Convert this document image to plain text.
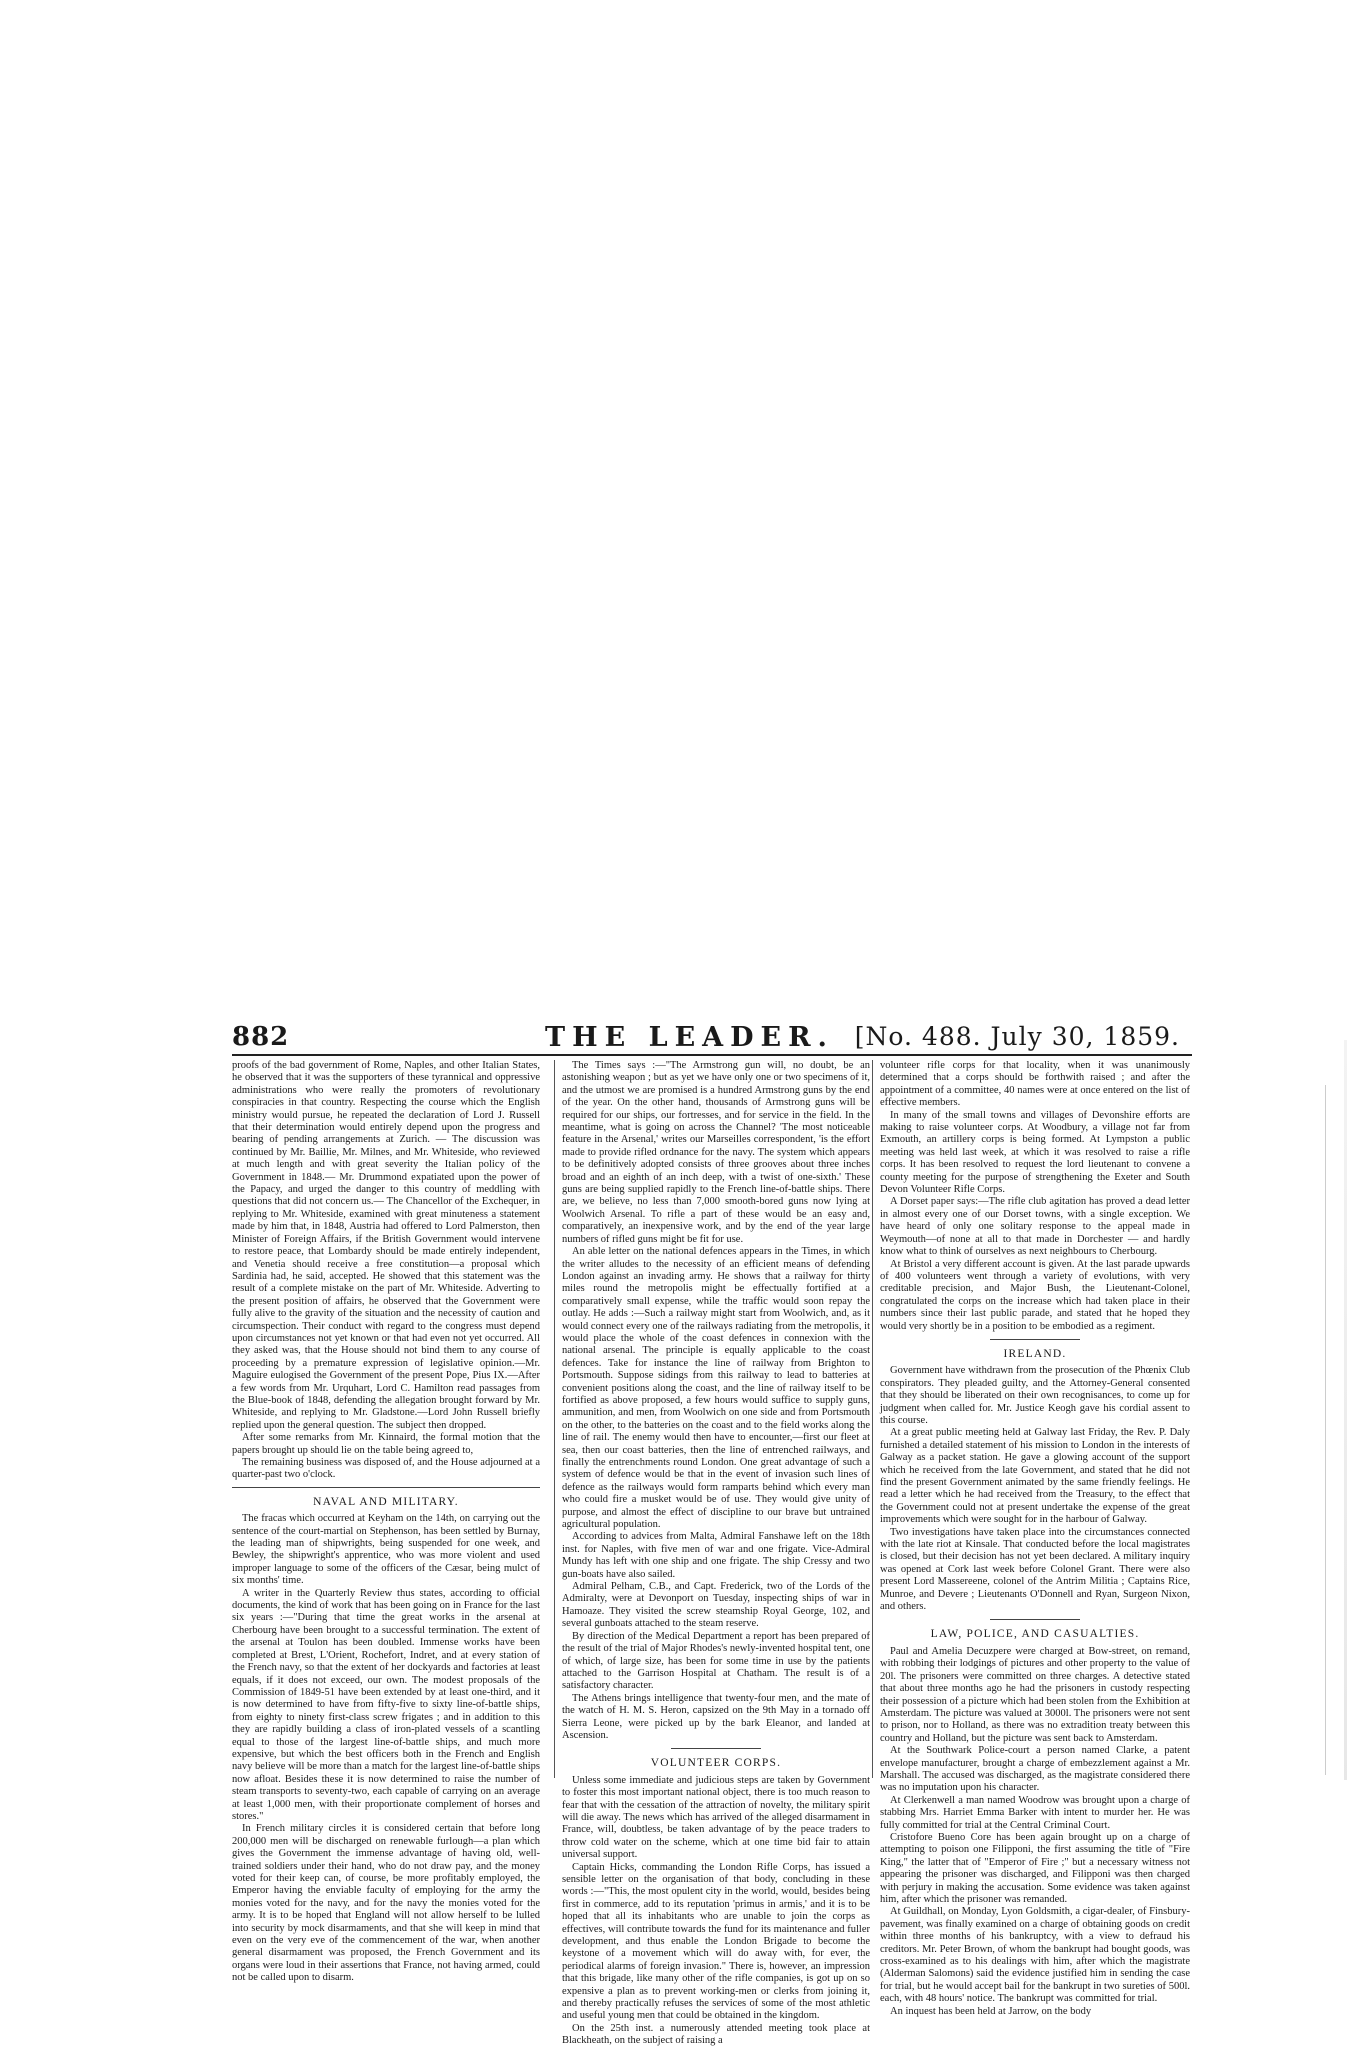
882	THE LEADER. [No. 488. July 30, 1859.

proofs of the bad government of Rome, Naples, and other Italian States, he observed that it was the supporters of these tyrannical and oppressive administrations who were really the promoters of revolutionary conspiracies in that country. Respecting the course which the English ministry would pursue, he repeated the declaration of Lord J. Russell that their determination would entirely depend upon the progress and bearing of pending arrangements at Zurich. — The discussion was continued by Mr. Baillie, Mr. Milnes, and Mr. Whiteside, who reviewed at much length and with great severity the Italian policy of the Government in 1848.— Mr. Drummond expatiated upon the power of the Papacy, and urged the danger to this country of meddling with questions that did not concern us.— The Chancellor of the Exchequer, in replying to Mr. Whiteside, examined with great minuteness a statement made by him that, in 1848, Austria had offered to Lord Palmerston, then Minister of Foreign Affairs, if the British Government would intervene to restore peace, that Lombardy should be made entirely independent, and Venetia should receive a free constitution—a proposal which Sardinia had, he said, accepted. He showed that this statement was the result of a complete mistake on the part of Mr. Whiteside. Adverting to the present position of affairs, he observed that the Government were fully alive to the gravity of the situation and the necessity of caution and circumspection. Their conduct with regard to the congress must depend upon circumstances not yet known or that had even not yet occurred. All they asked was, that the House should not bind them to any course of proceeding by a premature expression of legislative opinion.—Mr. Maguire eulogised the Government of the present Pope, Pius IX.—After a few words from Mr. Urquhart, Lord C. Hamilton read passages from the Blue-book of 1848, defending the allegation brought forward by Mr. Whiteside, and replying to Mr. Gladstone.—Lord John Russell briefly replied upon the general question. The subject then dropped.

After some remarks from Mr. Kinnaird, the formal motion that the papers brought up should lie on the table being agreed to,

The remaining business was disposed of, and the House adjourned at a quarter-past two o'clock.

NAVAL AND MILITARY.

The fracas which occurred at Keyham on the 14th, on carrying out the sentence of the court-martial on Stephenson, has been settled by Burnay, the leading man of shipwrights, being suspended for one week, and Bewley, the shipwright's apprentice, who was more violent and used improper language to some of the officers of the Cæsar, being mulct of six months' time.

A writer in the Quarterly Review thus states, according to official documents, the kind of work that has been going on in France for the last six years :—"During that time the great works in the arsenal at Cherbourg have been brought to a successful termination. The extent of the arsenal at Toulon has been doubled. Immense works have been completed at Brest, L'Orient, Rochefort, Indret, and at every station of the French navy, so that the extent of her dockyards and factories at least equals, if it does not exceed, our own. The modest proposals of the Commission of 1849-51 have been extended by at least one-third, and it is now determined to have from fifty-five to sixty line-of-battle ships, from eighty to ninety first-class screw frigates ; and in addition to this they are rapidly building a class of iron-plated vessels of a scantling equal to those of the largest line-of-battle ships, and much more expensive, but which the best officers both in the French and English navy believe will be more than a match for the largest line-of-battle ships now afloat. Besides these it is now determined to raise the number of steam transports to seventy-two, each capable of carrying on an average at least 1,000 men, with their proportionate complement of horses and stores."

In French military circles it is considered certain that before long 200,000 men will be discharged on renewable furlough—a plan which gives the Government the immense advantage of having old, well-trained soldiers under their hand, who do not draw pay, and the money voted for their keep can, of course, be more profitably employed, the Emperor having the enviable faculty of employing for the army the monies voted for the navy, and for the navy the monies voted for the army. It is to be hoped that England will not allow herself to be lulled into security by mock disarmaments, and that she will keep in mind that even on the very eve of the commencement of the war, when another general disarmament was proposed, the French Government and its organs were loud in their assertions that France, not having armed, could not be called upon to disarm.

The Times says :—"The Armstrong gun will, no doubt, be an astonishing weapon ; but as yet we have only one or two specimens of it, and the utmost we are promised is a hundred Armstrong guns by the end of the year. On the other hand, thousands of Armstrong guns will be required for our ships, our fortresses, and for service in the field. In the meantime, what is going on across the Channel? 'The most noticeable feature in the Arsenal,' writes our Marseilles correspondent, 'is the effort made to provide rifled ordnance for the navy. The system which appears to be definitively adopted consists of three grooves about three inches broad and an eighth of an inch deep, with a twist of one-sixth.' These guns are being supplied rapidly to the French line-of-battle ships. There are, we believe, no less than 7,000 smooth-bored guns now lying at Woolwich Arsenal. To rifle a part of these would be an easy and, comparatively, an inexpensive work, and by the end of the year large numbers of rifled guns might be fit for use.

An able letter on the national defences appears in the Times, in which the writer alludes to the necessity of an efficient means of defending London against an invading army. He shows that a railway for thirty miles round the metropolis might be effectually fortified at a comparatively small expense, while the traffic would soon repay the outlay. He adds :—Such a railway might start from Woolwich, and, as it would connect every one of the railways radiating from the metropolis, it would place the whole of the coast defences in connexion with the national arsenal. The principle is equally applicable to the coast defences. Take for instance the line of railway from Brighton to Portsmouth. Suppose sidings from this railway to lead to batteries at convenient positions along the coast, and the line of railway itself to be fortified as above proposed, a few hours would suffice to supply guns, ammunition, and men, from Woolwich on one side and from Portsmouth on the other, to the batteries on the coast and to the field works along the line of rail. The enemy would then have to encounter,—first our fleet at sea, then our coast batteries, then the line of entrenched railways, and finally the entrenchments round London. One great advantage of such a system of defence would be that in the event of invasion such lines of defence as the railways would form ramparts behind which every man who could fire a musket would be of use. They would give unity of purpose, and almost the effect of discipline to our brave but untrained agricultural population.

According to advices from Malta, Admiral Fanshawe left on the 18th inst. for Naples, with five men of war and one frigate. Vice-Admiral Mundy has left with one ship and one frigate. The ship Cressy and two gun-boats have also sailed.

Admiral Pelham, C.B., and Capt. Frederick, two of the Lords of the Admiralty, were at Devonport on Tuesday, inspecting ships of war in Hamoaze. They visited the screw steamship Royal George, 102, and several gunboats attached to the steam reserve.

By direction of the Medical Department a report has been prepared of the result of the trial of Major Rhodes's newly-invented hospital tent, one of which, of large size, has been for some time in use by the patients attached to the Garrison Hospital at Chatham. The result is of a satisfactory character.

The Athens brings intelligence that twenty-four men, and the mate of the watch of H. M. S. Heron, capsized on the 9th May in a tornado off Sierra Leone, were picked up by the bark Eleanor, and landed at Ascension.

VOLUNTEER CORPS.

Unless some immediate and judicious steps are taken by Government to foster this most important national object, there is too much reason to fear that with the cessation of the attraction of novelty, the military spirit will die away. The news which has arrived of the alleged disarmament in France, will, doubtless, be taken advantage of by the peace traders to throw cold water on the scheme, which at one time bid fair to attain universal support.

Captain Hicks, commanding the London Rifle Corps, has issued a sensible letter on the organisation of that body, concluding in these words :—"This, the most opulent city in the world, would, besides being first in commerce, add to its reputation 'primus in armis,' and it is to be hoped that all its inhabitants who are unable to join the corps as effectives, will contribute towards the fund for its maintenance and fuller development, and thus enable the London Brigade to become the keystone of a movement which will do away with, for ever, the periodical alarms of foreign invasion." There is, however, an impression that this brigade, like many other of the rifle companies, is got up on so expensive a plan as to prevent working-men or clerks from joining it, and thereby practically refuses the services of some of the most athletic and useful young men that could be obtained in the kingdom.

On the 25th inst. a numerously attended meeting took place at Blackheath, on the subject of raising a

volunteer rifle corps for that locality, when it was unanimously determined that a corps should be forthwith raised ; and after the appointment of a committee, 40 names were at once entered on the list of effective members.

In many of the small towns and villages of Devonshire efforts are making to raise volunteer corps. At Woodbury, a village not far from Exmouth, an artillery corps is being formed. At Lympston a public meeting was held last week, at which it was resolved to raise a rifle corps. It has been resolved to request the lord lieutenant to convene a county meeting for the purpose of strengthening the Exeter and South Devon Volunteer Rifle Corps.

A Dorset paper says:—The rifle club agitation has proved a dead letter in almost every one of our Dorset towns, with a single exception. We have heard of only one solitary response to the appeal made in Weymouth—of none at all to that made in Dorchester — and hardly know what to think of ourselves as next neighbours to Cherbourg.

At Bristol a very different account is given. At the last parade upwards of 400 volunteers went through a variety of evolutions, with very creditable precision, and Major Bush, the Lieutenant-Colonel, congratulated the corps on the increase which had taken place in their numbers since their last public parade, and stated that he hoped they would very shortly be in a position to be embodied as a regiment.

IRELAND.

Government have withdrawn from the prosecution of the Phœnix Club conspirators. They pleaded guilty, and the Attorney-General consented that they should be liberated on their own recognisances, to come up for judgment when called for. Mr. Justice Keogh gave his cordial assent to this course.

At a great public meeting held at Galway last Friday, the Rev. P. Daly furnished a detailed statement of his mission to London in the interests of Galway as a packet station. He gave a glowing account of the support which he received from the late Government, and stated that he did not find the present Government animated by the same friendly feelings. He read a letter which he had received from the Treasury, to the effect that the Government could not at present undertake the expense of the great improvements which were sought for in the harbour of Galway.

Two investigations have taken place into the circumstances connected with the late riot at Kinsale. That conducted before the local magistrates is closed, but their decision has not yet been declared. A military inquiry was opened at Cork last week before Colonel Grant. There were also present Lord Massereene, colonel of the Antrim Militia ; Captains Rice, Munroe, and Devere ; Lieutenants O'Donnell and Ryan, Surgeon Nixon, and others.

LAW, POLICE, AND CASUALTIES.

Paul and Amelia Decuzpere were charged at Bow-street, on remand, with robbing their lodgings of pictures and other property to the value of 20l. The prisoners were committed on three charges. A detective stated that about three months ago he had the prisoners in custody respecting their possession of a picture which had been stolen from the Exhibition at Amsterdam. The picture was valued at 3000l. The prisoners were not sent to prison, nor to Holland, as there was no extradition treaty between this country and Holland, but the picture was sent back to Amsterdam.

At the Southwark Police-court a person named Clarke, a patent envelope manufacturer, brought a charge of embezzlement against a Mr. Marshall. The accused was discharged, as the magistrate considered there was no imputation upon his character.

At Clerkenwell a man named Woodrow was brought upon a charge of stabbing Mrs. Harriet Emma Barker with intent to murder her. He was fully committed for trial at the Central Criminal Court.

Cristofore Bueno Core has been again brought up on a charge of attempting to poison one Filipponi, the first assuming the title of "Fire King," the latter that of "Emperor of Fire ;" but a necessary witness not appearing the prisoner was discharged, and Filipponi was then charged with perjury in making the accusation. Some evidence was taken against him, after which the prisoner was remanded.

At Guildhall, on Monday, Lyon Goldsmith, a cigar-dealer, of Finsbury-pavement, was finally examined on a charge of obtaining goods on credit within three months of his bankruptcy, with a view to defraud his creditors. Mr. Peter Brown, of whom the bankrupt had bought goods, was cross-examined as to his dealings with him, after which the magistrate (Alderman Salomons) said the evidence justified him in sending the case for trial, but he would accept bail for the bankrupt in two sureties of 500l. each, with 48 hours' notice. The bankrupt was committed for trial.

An inquest has been held at Jarrow, on the body
